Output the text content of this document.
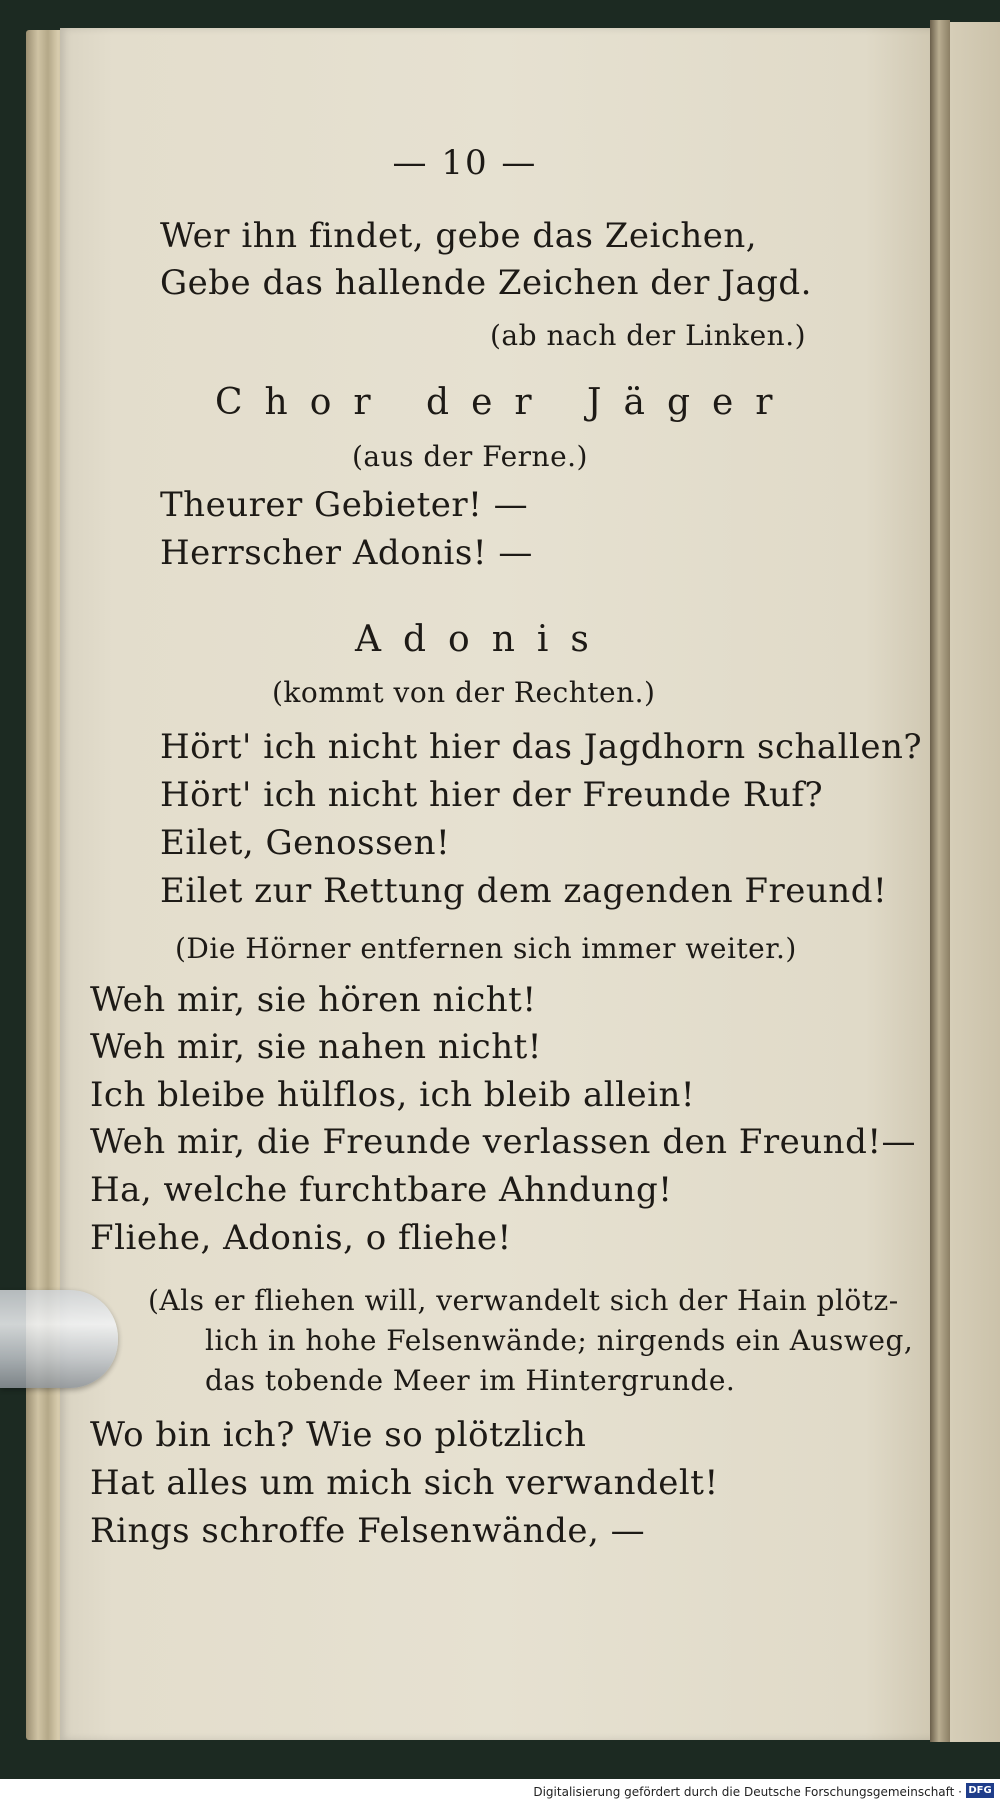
— 10 —
Wer ihn findet, gebe das Zeichen,
Gebe das hallende Zeichen der Jagd.
(ab nach der Linken.)
Chor der Jäger
(aus der Ferne.)
Theurer Gebieter! —
Herrscher Adonis! —
Adonis
(kommt von der Rechten.)
Hört' ich nicht hier das Jagdhorn schallen?
Hört' ich nicht hier der Freunde Ruf?
Eilet, Genossen!
Eilet zur Rettung dem zagenden Freund!
(Die Hörner entfernen sich immer weiter.)
Weh mir, sie hören nicht!
Weh mir, sie nahen nicht!
Ich bleibe hülflos, ich bleib allein!
Weh mir, die Freunde verlassen den Freund!—
Ha, welche furchtbare Ahndung!
Fliehe, Adonis, o fliehe!
(Als er fliehen will, verwandelt sich der Hain plötz-
lich in hohe Felsenwände; nirgends ein Ausweg,
das tobende Meer im Hintergrunde.
Wo bin ich? Wie so plötzlich
Hat alles um mich sich verwandelt!
Rings schroffe Felsenwände, —
Digitalisierung gefördert durch die Deutsche Forschungsgemeinschaft · DFG
